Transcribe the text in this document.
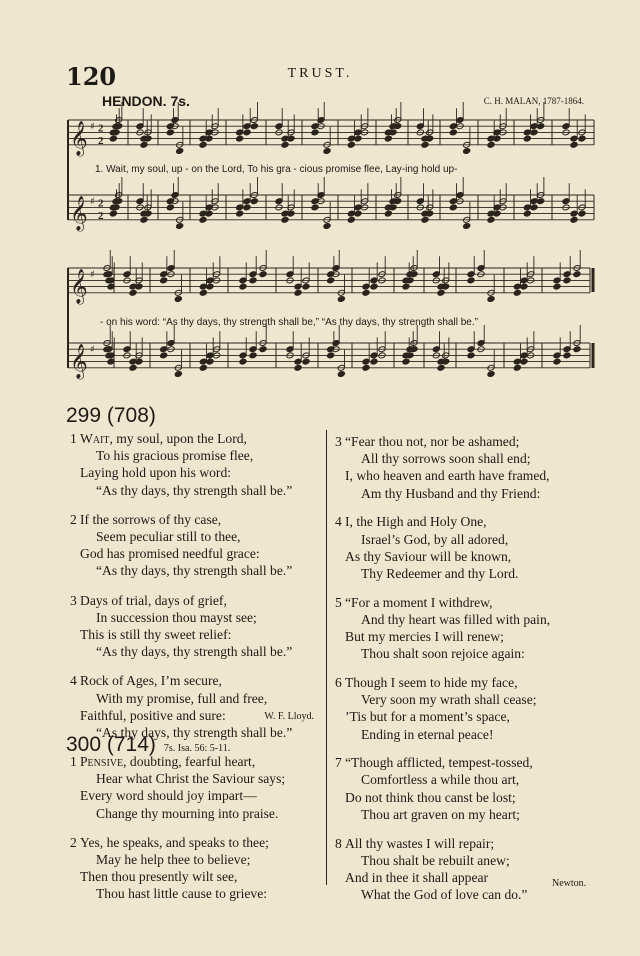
120	TRUST.
HENDON. 7s.	C. H. MALAN, 1787-1864.
𝄞 ♯ 2
2
𝄞 ♯ 2
2
𝄞 ♯
𝄞 ♯
1. Wait, my soul, up - on the Lord, To his gra - cious promise flee, Lay-ing hold up-
- on his word: “As thy days, thy strength shall be,” “As thy days, thy strength shall be.”
299 (708)
1 Wait, my soul, upon the Lord,
To his gracious promise flee,
Laying hold upon his word:
“As thy days, thy strength shall be.”
2 If the sorrows of thy case,
Seem peculiar still to thee,
God has promised needful grace:
“As thy days, thy strength shall be.”
3 Days of trial, days of grief,
In succession thou mayst see;
This is still thy sweet relief:
“As thy days, thy strength shall be.”
4 Rock of Ages, I’m secure,
With my promise, full and free,
Faithful, positive and sure:
“As thy days, thy strength shall be.”
W. F. Lloyd.
300 (714) 7s. Isa. 56: 5-11.
1 Pensive, doubting, fearful heart,
Hear what Christ the Saviour says;
Every word should joy impart—
Change thy mourning into praise.
2 Yes, he speaks, and speaks to thee;
May he help thee to believe;
Then thou presently wilt see,
Thou hast little cause to grieve:
3 “Fear thou not, nor be ashamed;
All thy sorrows soon shall end;
I, who heaven and earth have framed,
Am thy Husband and thy Friend:
4 I, the High and Holy One,
Israel’s God, by all adored,
As thy Saviour will be known,
Thy Redeemer and thy Lord.
5 “For a moment I withdrew,
And thy heart was filled with pain,
But my mercies I will renew;
Thou shalt soon rejoice again:
6 Though I seem to hide my face,
Very soon my wrath shall cease;
’Tis but for a moment’s space,
Ending in eternal peace!
7 “Though afflicted, tempest-tossed,
Comfortless a while thou art,
Do not think thou canst be lost;
Thou art graven on my heart;
8 All thy wastes I will repair;
Thou shalt be rebuilt anew;
And in thee it shall appear
What the God of love can do.”
Newton.
